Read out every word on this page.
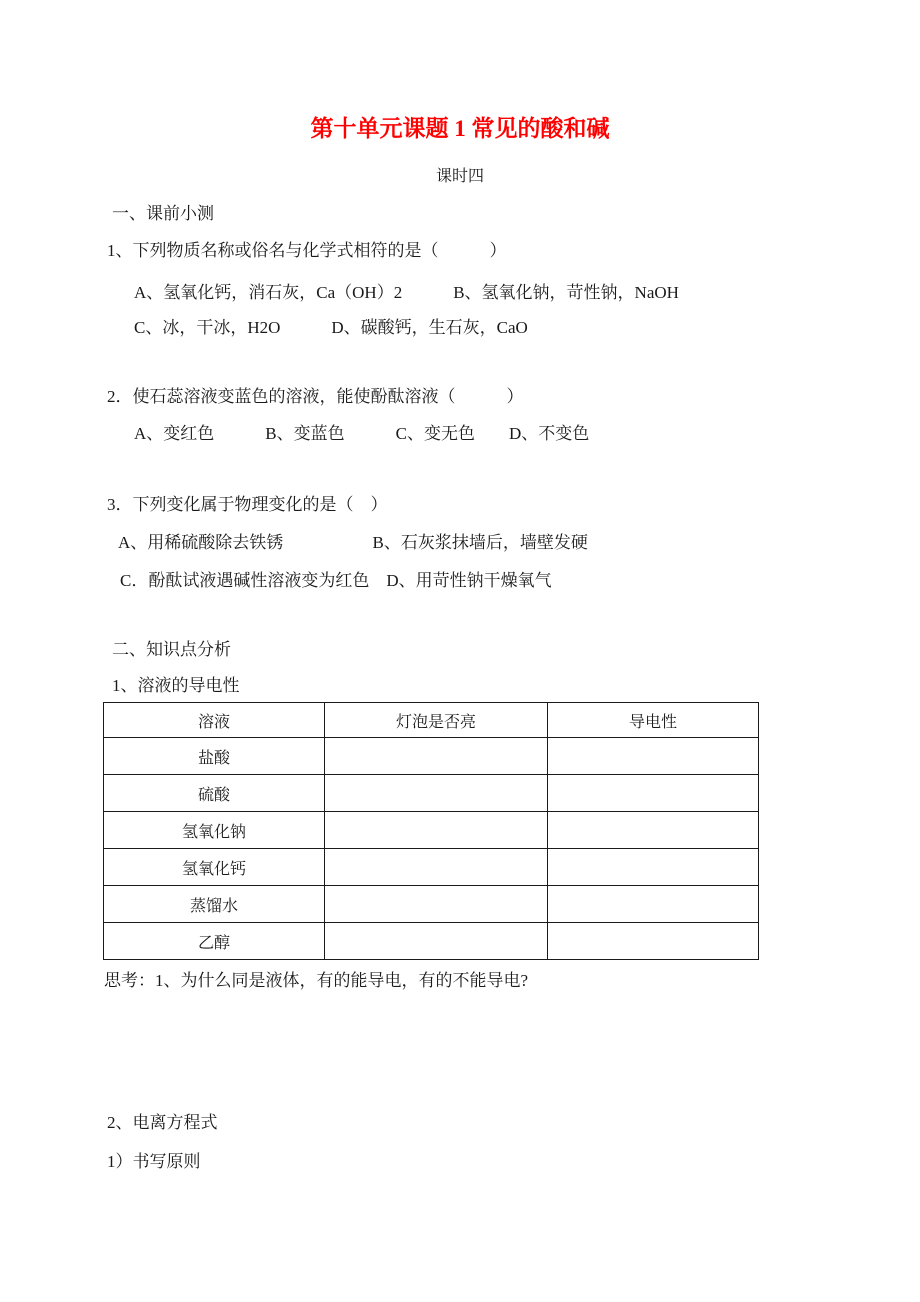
第十单元课题 1 常见的酸和碱
课时四
一、课前小测
1、下列物质名称或俗名与化学式相符的是（　　　）
A、氢氧化钙，消石灰，Ca（OH）2　　　B、氢氧化钠，苛性钠，NaOH
C、冰，干冰，H2O　　　D、碳酸钙，生石灰，CaO
2．使石蕊溶液变蓝色的溶液，能使酚酞溶液（　　　）
A、变红色　　　B、变蓝色　　　C、变无色　　D、不变色
3．下列变化属于物理变化的是（　）
A、用稀硫酸除去铁锈　　　　　 B、石灰浆抹墙后，墙壁发硬
C．酚酞试液遇碱性溶液变为红色　D、用苛性钠干燥氧气
二、知识点分析
1、溶液的导电性
溶液	灯泡是否亮	导电性
盐酸		
硫酸		
氢氧化钠		
氢氧化钙		
蒸馏水		
乙醇		
思考：1、为什么同是液体，有的能导电，有的不能导电?
2、电离方程式
1）书写原则
